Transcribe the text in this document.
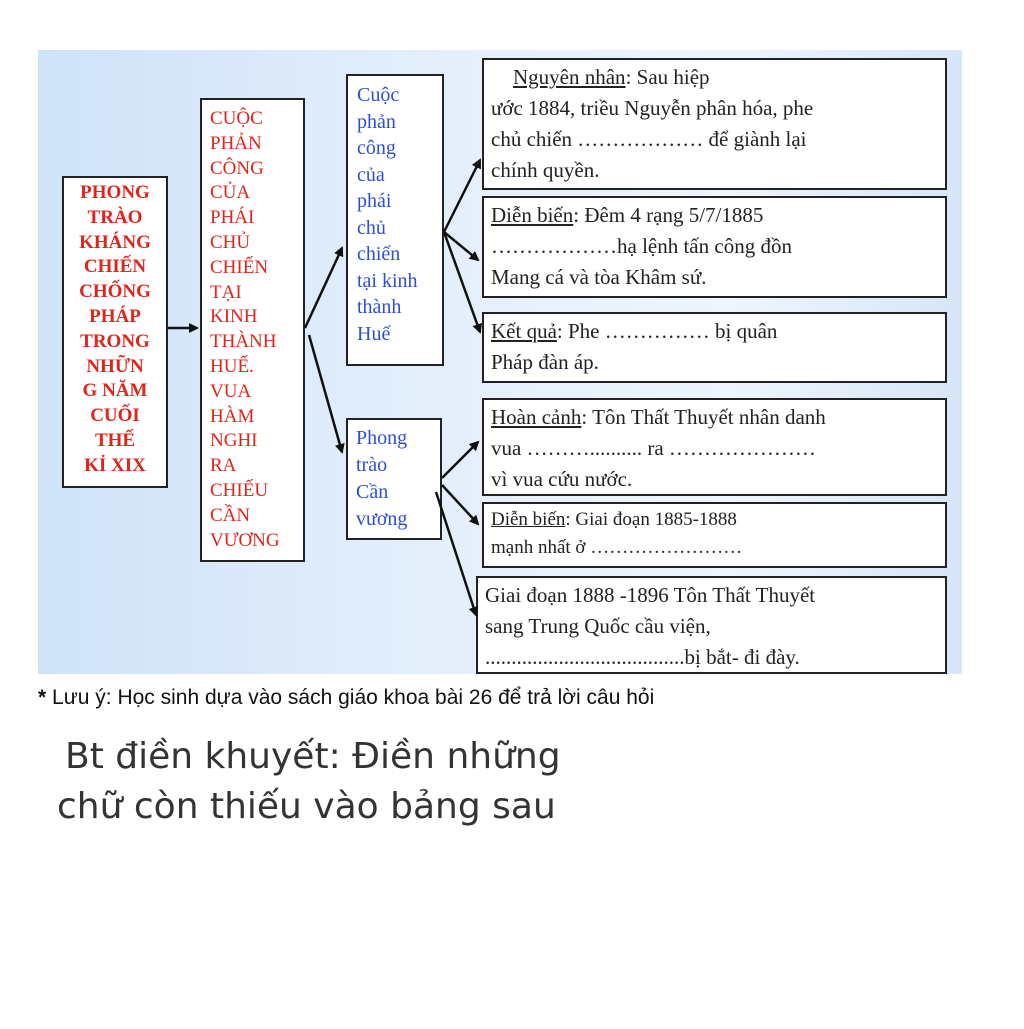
PHONG
TRÀO
KHÁNG
CHIẾN
CHỐNG
PHÁP
TRONG
NHỮN
G NĂM
CUỐI
THẾ
KỈ XIX
CUỘC
PHẢN
CÔNG
CỦA
PHÁI
CHỦ
CHIẾN
TẠI
KINH
THÀNH
HUẾ.
VUA
HÀM
NGHI
RA
CHIẾU
CẦN
VƯƠNG
Cuộc
phản
công
của
phái
chủ
chiến
tại kinh
thành
Huế
Phong
trào
Cần
vương
Nguyên nhân: Sau hiệp
ước 1884, triều Nguyễn phân hóa, phe
chủ chiến ……………… để giành lại
chính quyền.
Diễn biến: Đêm 4 rạng 5/7/1885
………………hạ lệnh tấn công đồn
Mang cá và tòa Khâm sứ.
Kết quả: Phe …………… bị quân
Pháp đàn áp.
Hoàn cảnh: Tôn Thất Thuyết nhân danh
vua ……….......... ra …………………
vì vua cứu nước.
Diễn biến: Giai đoạn 1885-1888
mạnh nhất ở ……………………
Giai đoạn 1888 -1896 Tôn Thất Thuyết
sang Trung Quốc cầu viện,
......................................bị bắt- đi đày.
* Lưu ý: Học sinh dựa vào sách giáo khoa bài 26 để trả lời câu hỏi
Bt điền khuyết: Điền những
chữ còn thiếu vào bảng sau
